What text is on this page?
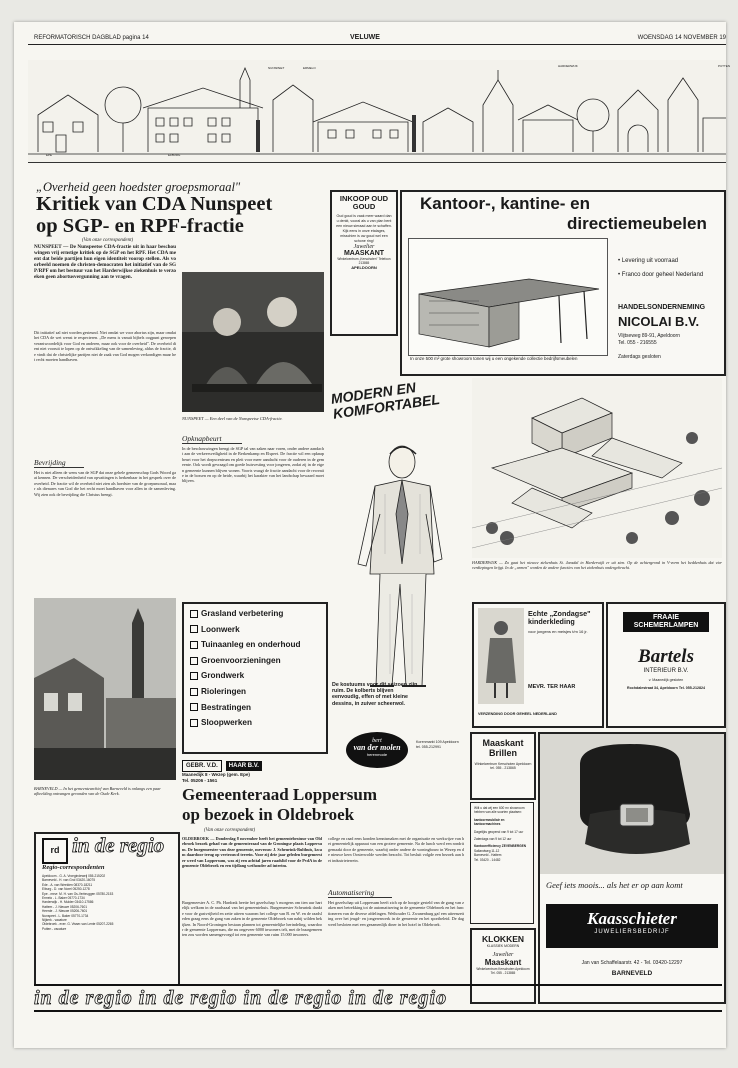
REFORMATORISCH DAGBLAD pagina 14	VELUWE	WOENSDAG 14 NOVEMBER 19
NUNSPEET	ERMELO	HARDERWIJK	PUTTEN
EPE	ELBURG
„Overheid geen hoedster groepsmoraal"
Kritiek van CDA Nunspeet
op SGP- en RPF-fractie
(Van onze correspondent)
NUNSPEET — De Nunspeetse CDA-fractie uit in haar beschouwingen vrij ernstige kritiek op de SGP en het RPF. Het CDA meent dat beide partijen hun eigen identiteit voorop stellen. Als voorbeeld noemen de christen-democraten het initiatief van de SGP/RPF om het bestuur van het Harderwijkse ziekenhuis te verzoeken geen abortusvergunning aan te vragen.
Dit initiatief zal niet worden gesteund. Niet omdat we voor abortus zijn, maar omdat het CDA de wet wenst te respecteren. „De mens is vanuit bijbels oogpunt geroepen verantwoordelijk voor God en anderen, maar ook voor de overheid". De overheid dient niet vooruit te lopen op de ontwikkeling van de samenleving, aldus de fractie, die vindt dat de christelijke partijen niet de zaak van God mogen verkondigen maar het recht moeten handhaven.
Bevrijding
Het is niet alleen de wens van de SGP dat onze gehele gemeenschap Gods Woord gaat kennen. De verscheidenheid van opvattingen is herkenbaar in het gesprek over de overheid. De fractie wil de overheid niet zien als hoedster van de groepsmoraal, maar als dienares van God die het recht moet handhaven voor allen in de samenleving. Wij zien ook de bevrijding die Christus brengt.
NUNSPEET — Een deel van de Nunspeetse CDA-fractie.
Opknapbeurt
In de beschouwingen brengt de SGP tal van zaken naar voren, onder andere aandacht aan de verkeersveiligheid in de Berkenkamp en Elspeet. De fractie wil een opknapbeurt voor het dorpscentrum en pleit voor meer aandacht voor de ouderen in de gemeente. Ook wordt gevraagd om goede huisvesting voor jongeren, zodat zij in de eigen gemeente kunnen blijven wonen. Voorts vraagt de fractie aandacht voor de recreatie in de bossen en op de heide, waarbij het karakter van het landschap bewaard moet blijven.
INKOOP OUD GOUD
Oud goud is vaak meer waard dan u denkt, vooral als u van plan bent een nieuw sieraad aan te schaffen. Kijk eens in onze etalages, misschien is uw goud wel een schone ring!
Juwelier
MAASKANT
Winkelcentrum „Kerschoten" Telefoon 213865
APELDOORN
Kantoor-, kantine- en
directiemeubelen
In onze 500 m² grote showroom tonen wij u een ongekende collectie bedrijfsmeubelen
• Levering uit voorraad
• Franco door geheel Nederland
HANDELSONDERNEMING
NICOLAI B.V.
Vlijtseweg 89-91, Apeldoorn
Tel. 055 - 216555
Zaterdags gesloten
MODERN EN KOMFORTABEL
De kostuums voor dit seizoen zijn ruim. De kolberts blijven eenvoudig, effen of met kleine dessins, in zuiver scheerwol.
bert
van der molen
herenmode
Korenmarkt 109 Apeldoorn tel. 055-212991
HARDERWIJK — Zo gaat het nieuwe ziekenhuis St. Jansdal in Harderwijk er uit zien. Op de achtergrond in V-vorm het beddenhuis dat vier verdiepingen krijgt. In de „armen" worden de andere functies van het ziekenhuis ondergebracht.
BARNEVELD — In het gemeentearchief van Barneveld is onlangs een paar afbeelding ontvangen gevonden van de Oude Kerk.
Grasland verbetering
Loonwerk
Tuinaanleg en onderhoud
Groenvoorzieningen
Grondwerk
Rioleringen
Bestratingen
Sloopwerken
GEBR. V.D. HAAR B.V.
Maanedijk 8 - Wezep (gem. Epe)
Tel. 05206 - 1561
Echte „Zondagse" kinderkleding
voor jongens en meisjes t/m 16 jr.
MEVR. TER HAAR
VERZENDING DOOR GEHEEL NEDERLAND
FRAAIE
SCHEMERLAMPEN
Bartels
INTERIEUR B.V.
v. Maanedijk gesloten
Rochdalestraat 34, Apeldoorn Tel. 055-212824
Maaskant Brillen
Winkelcentrum Kerschoten Apeldoorn
tel. 055 - 213865
Wilt u dat wij een 600 m² showroom hebben van alle soorten plaatsen:
kantoormeubilair en kantoormachines
Dagelijks geopend van 9 tot 17 uur
Zaterdags van 9 tot 12 uur
Kantoorefficiency ZEVENBERGEN
Sallandweg 11-12
Barneveld - Hattem
Tel. 03420 - 14482
KLOKKEN
KLASSIEK MODERN
Juwelier
Maaskant
Winkelcentrum Kerschoten Apeldoorn
Tel. 055 - 213865
Geef iets moois... als het er op aan komt
Kaasschieter
JUWELIERSBEDRIJF
Jan van Schaffelaarstr. 42 - Tel. 03420-12297
BARNEVELD
Gemeenteraad Loppersum
op bezoek in Oldebroek
(Van onze correspondent)
OLDEBROEK — Donderdag 8 november heeft het gemeentebestuur van Oldebroek bezoek gehad van de gemeenteraad van de Groningse plaats Loppersum. De burgemeester van deze gemeente, mevrouw J. Scheurink-Bulthuis, kwam daardoor terug op vertrouwd terrein. Voor zij drie jaar geleden burgemeester werd van Loppersum, was zij een achttal jaren raadslid voor de PvdA in de gemeente Oldebroek en een tijdlang wethouder ad interim.
Burgemeester A. C. Ph. Hardonk heette het gezelschap 's morgens om tien uur hartelijk welkom in de raadszaal van het gemeentehuis. Burgemeester Scheurink dankte voor de gastvrijheid en zette uiteen waarom het college van B. en W. en de raadsleden graag eens de gang van zaken in de gemeente Oldebroek van nabij wilden bekijken. In Noord-Groningen bestaan plannen tot gemeentelijke herindeling, waardoor de gemeente Loppersum, die nu ongeveer 6000 inwoners telt, met de buurgemeenten zou worden samengevoegd tot een gemeente van ruim 15.000 inwoners.
college en raad eens konden kennismaken met de organisatie en werkwijze van het gemeentelijk apparaat van een grotere gemeente. Na de lunch werd een rondrit gemaakt door de gemeente, waarbij onder andere de woningbouw in Wezep en de nieuwe kern Oosterwolde werden bezocht. Tot besluit volgde een bezoek aan het industrieterrein.
Automatisering
Het gezelschap uit Loppersum heeft zich op de hoogte gesteld van de gang van zaken met betrekking tot de automatisering in de gemeente Oldebroek en het functioneren van de diverse afdelingen. Wethouder G. Zwanenburg gaf een uiteenzetting over het jeugd- en jongerenwerk in de gemeente en het sportbeleid. De dag werd besloten met een gezamenlijk diner in het hotel in Oldebroek.
rd in de regio
Regio-correspondenten
Apeldoorn - G. A. Vroegindeweij 055-215202
Barneveld - H. van Grol 03420-16075
Ede - A. van Weelden 08370-18211
Elburg - D. van Norel 05250-1278
Epe - mevr. M. H. van Os-Verbruggen 05780-2153
Ermelo - L. Baker 05770-1734
Harderwijk - H. Mulder 03410-17586
Hattem - J. Nieuwe 05206-7601
Heerde - J. Nieuwe 05206-7601
Nunspeet - L. Baker 05770-1734
Nijkerk - vacature
Oldebroek - ever. G. Visser-van Lente 05207-2265
Putten - vacature
in de regio in de regio in de regio in de regio
